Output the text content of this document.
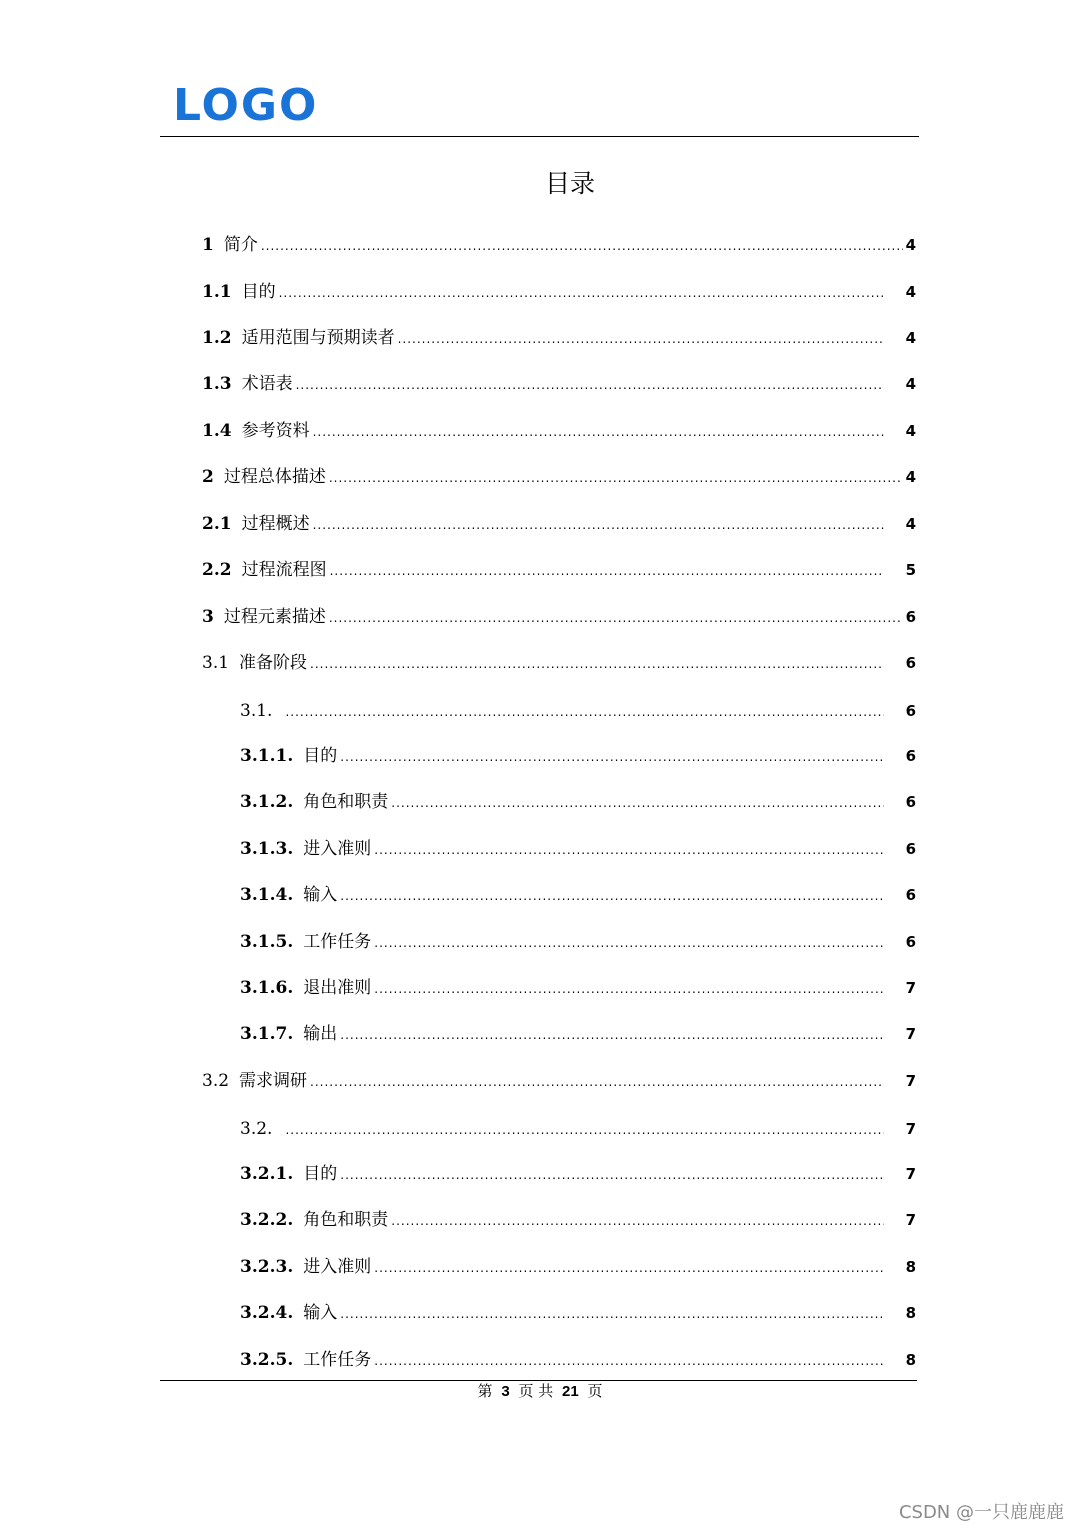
LOGO
目录
1 简介 .....	4
1.1 目的 .....	4
1.2 适用范围与预期读者 .....	4
1.3 术语表 .....	4
1.4 参考资料 .....	4
2 过程总体描述 .....	4
2.1 过程概述 .....	4
2.2 过程流程图 .....	5
3 过程元素描述 .....	6
3.1 准备阶段 .....	6
3.1. .....	6
3.1.1. 目的 .....	6
3.1.2. 角色和职责 .....	6
3.1.3. 进入准则 .....	6
3.1.4. 输入 .....	6
3.1.5. 工作任务 .....	6
3.1.6. 退出准则 .....	7
3.1.7. 输出 .....	7
3.2 需求调研 .....	7
3.2. .....	7
3.2.1. 目的 .....	7
3.2.2. 角色和职责 .....	7
3.2.3. 进入准则 .....	8
3.2.4. 输入 .....	8
3.2.5. 工作任务 .....	8
第 3 页 共 21 页
CSDN @一只鹿鹿鹿
